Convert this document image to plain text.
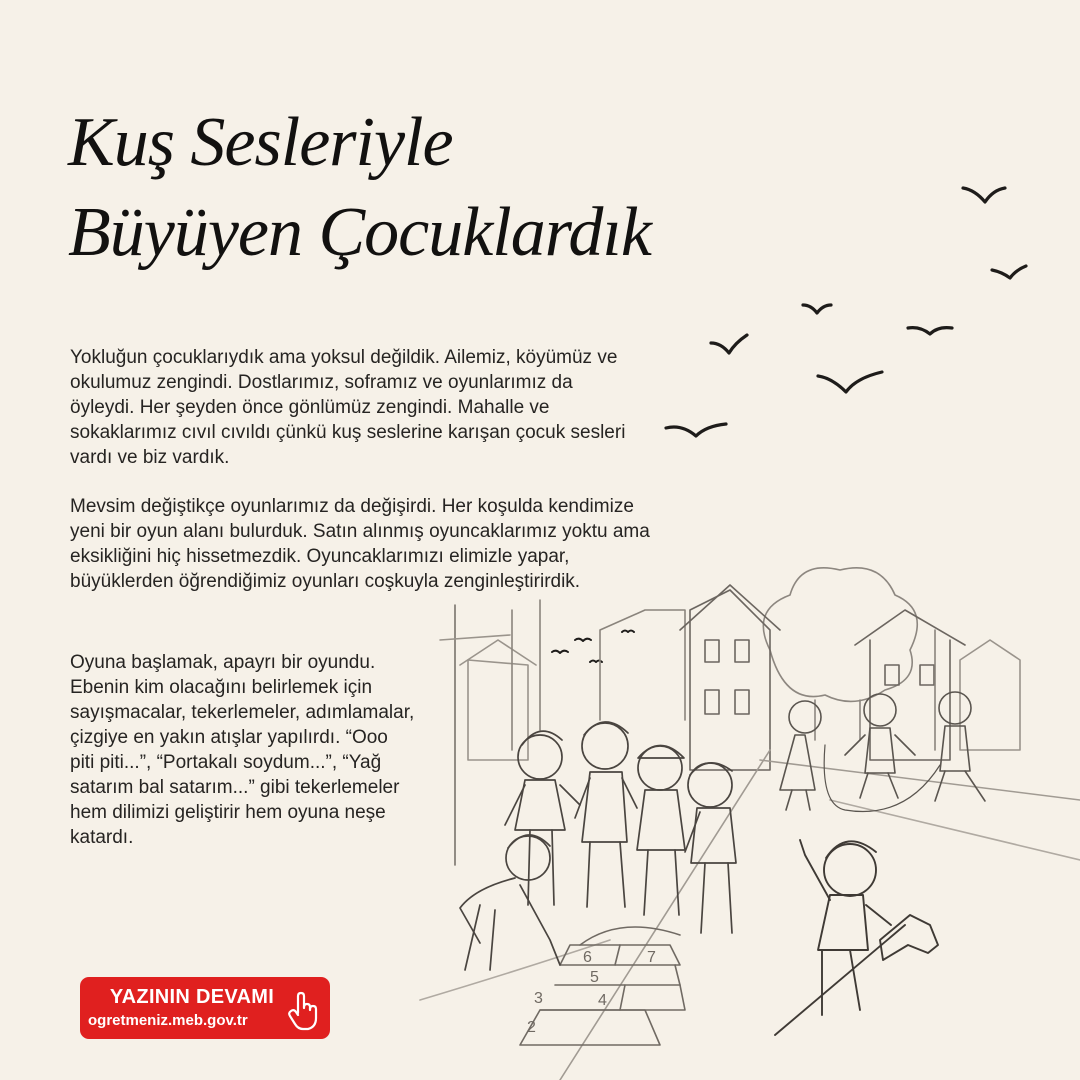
Kuş Sesleriyle
Büyüyen Çocuklardık

Yokluğun çocuklarıydık ama yoksul değildik. Ailemiz, köyümüz ve okulumuz zengindi. Dostlarımız, soframız ve oyunlarımız da öyleydi. Her şeyden önce gönlümüz zengindi. Mahalle ve sokaklarımız cıvıl cıvıldı çünkü kuş seslerine karışan çocuk sesleri vardı ve biz vardık.

Mevsim değiştikçe oyunlarımız da değişirdi. Her koşulda kendimize yeni bir oyun alanı bulurduk. Satın alınmış oyuncaklarımız yoktu ama eksikliğini hiç hissetmezdik. Oyuncaklarımızı elimizle yapar, büyüklerden öğrendiğimiz oyunları coşkuyla zenginleştirirdik.

Oyuna başlamak, apayrı bir oyundu. Ebenin kim olacağını belirlemek için sayışmacalar, tekerlemeler, adımlamalar, çizgiye en yakın atışlar yapılırdı. “Ooo piti piti...”, “Portakalı soydum...”, “Yağ satarım bal satarım...” gibi tekerlemeler hem dilimizi geliştirir hem oyuna neşe katardı.

7
6
5
3	4
2
YAZININ DEVAMI
ogretmeniz.meb.gov.tr
